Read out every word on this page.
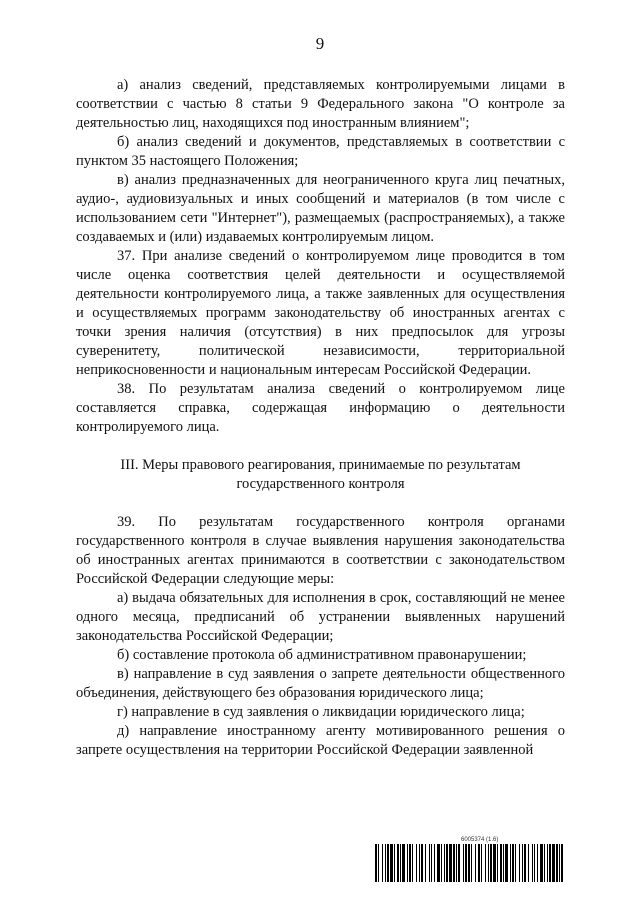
9

а) анализ сведений, представляемых контролируемыми лицами в соответствии с частью 8 статьи 9 Федерального закона "О контроле за деятельностью лиц, находящихся под иностранным влиянием";

б) анализ сведений и документов, представляемых в соответствии с пунктом 35 настоящего Положения;

в) анализ предназначенных для неограниченного круга лиц печатных, аудио-, аудиовизуальных и иных сообщений и материалов (в том числе с использованием сети "Интернет"), размещаемых (распространяемых), а также создаваемых и (или) издаваемых контролируемым лицом.

37. При анализе сведений о контролируемом лице проводится в том числе оценка соответствия целей деятельности и осуществляемой деятельности контролируемого лица, а также заявленных для осуществления и осуществляемых программ законодательству об иностранных агентах с точки зрения наличия (отсутствия) в них предпосылок для угрозы суверенитету, политической независимости, территориальной неприкосновенности и национальным интересам Российской Федерации.

38. По результатам анализа сведений о контролируемом лице составляется справка, содержащая информацию о деятельности контролируемого лица.

III. Меры правового реагирования, принимаемые по результатам государственного контроля

39. По результатам государственного контроля органами государственного контроля в случае выявления нарушения законодательства об иностранных агентах принимаются в соответствии с законодательством Российской Федерации следующие меры:

а) выдача обязательных для исполнения в срок, составляющий не менее одного месяца, предписаний об устранении выявленных нарушений законодательства Российской Федерации;

б) составление протокола об административном правонарушении;

в) направление в суд заявления о запрете деятельности общественного объединения, действующего без образования юридического лица;

г) направление в суд заявления о ликвидации юридического лица;

д) направление иностранному агенту мотивированного решения о запрете осуществления на территории Российской Федерации заявленной

6005374 (1.6)
